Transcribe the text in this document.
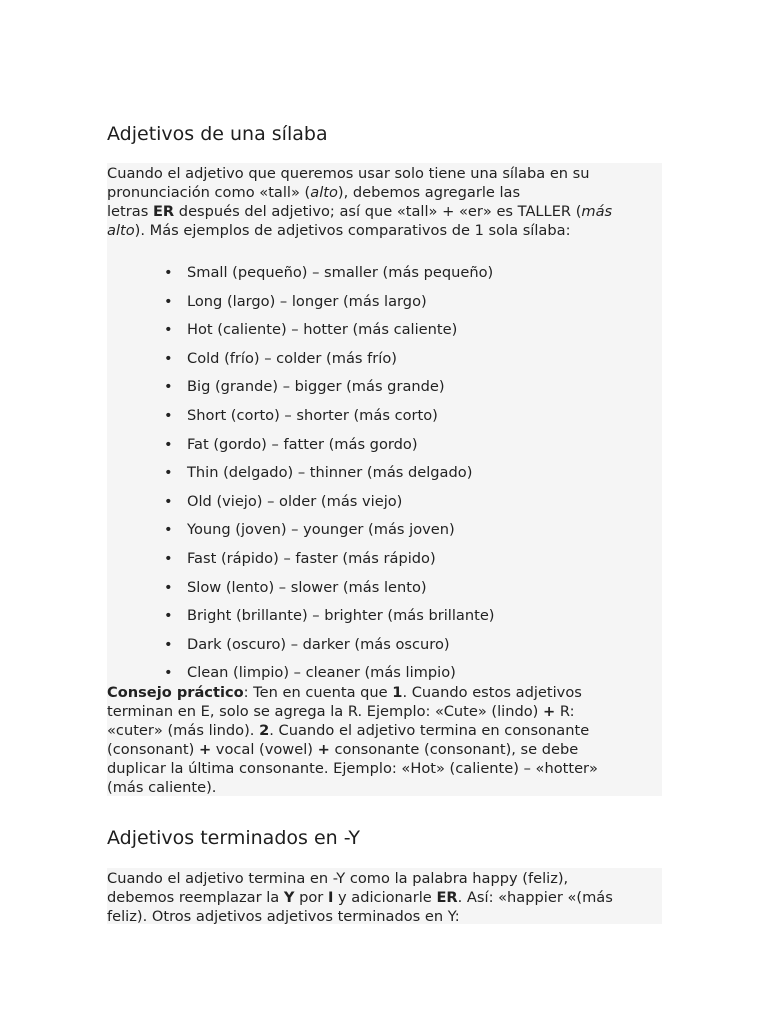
Adjetivos de una sílaba
Cuando el adjetivo que queremos usar solo tiene una sílaba en su
pronunciación como «tall» (alto), debemos agregarle las
letras ER después del adjetivo; así que «tall» + «er» es TALLER (más
alto). Más ejemplos de adjetivos comparativos de 1 sola sílaba:
• Small (pequeño) – smaller (más pequeño)
• Long (largo) – longer (más largo)
• Hot (caliente) – hotter (más caliente)
• Cold (frío) – colder (más frío)
• Big (grande) – bigger (más grande)
• Short (corto) – shorter (más corto)
• Fat (gordo) – fatter (más gordo)
• Thin (delgado) – thinner (más delgado)
• Old (viejo) – older (más viejo)
• Young (joven) – younger (más joven)
• Fast (rápido) – faster (más rápido)
• Slow (lento) – slower (más lento)
• Bright (brillante) – brighter (más brillante)
• Dark (oscuro) – darker (más oscuro)
• Clean (limpio) – cleaner (más limpio)
Consejo práctico: Ten en cuenta que 1. Cuando estos adjetivos
terminan en E, solo se agrega la R. Ejemplo: «Cute» (lindo) + R:
«cuter» (más lindo). 2. Cuando el adjetivo termina en consonante
(consonant) + vocal (vowel) + consonante (consonant), se debe
duplicar la última consonante. Ejemplo: «Hot» (caliente) – «hotter»
(más caliente).
Adjetivos terminados en -Y
Cuando el adjetivo termina en -Y como la palabra happy (feliz),
debemos reemplazar la Y por I y adicionarle ER. Así: «happier «(más
feliz). Otros adjetivos adjetivos terminados en Y:
